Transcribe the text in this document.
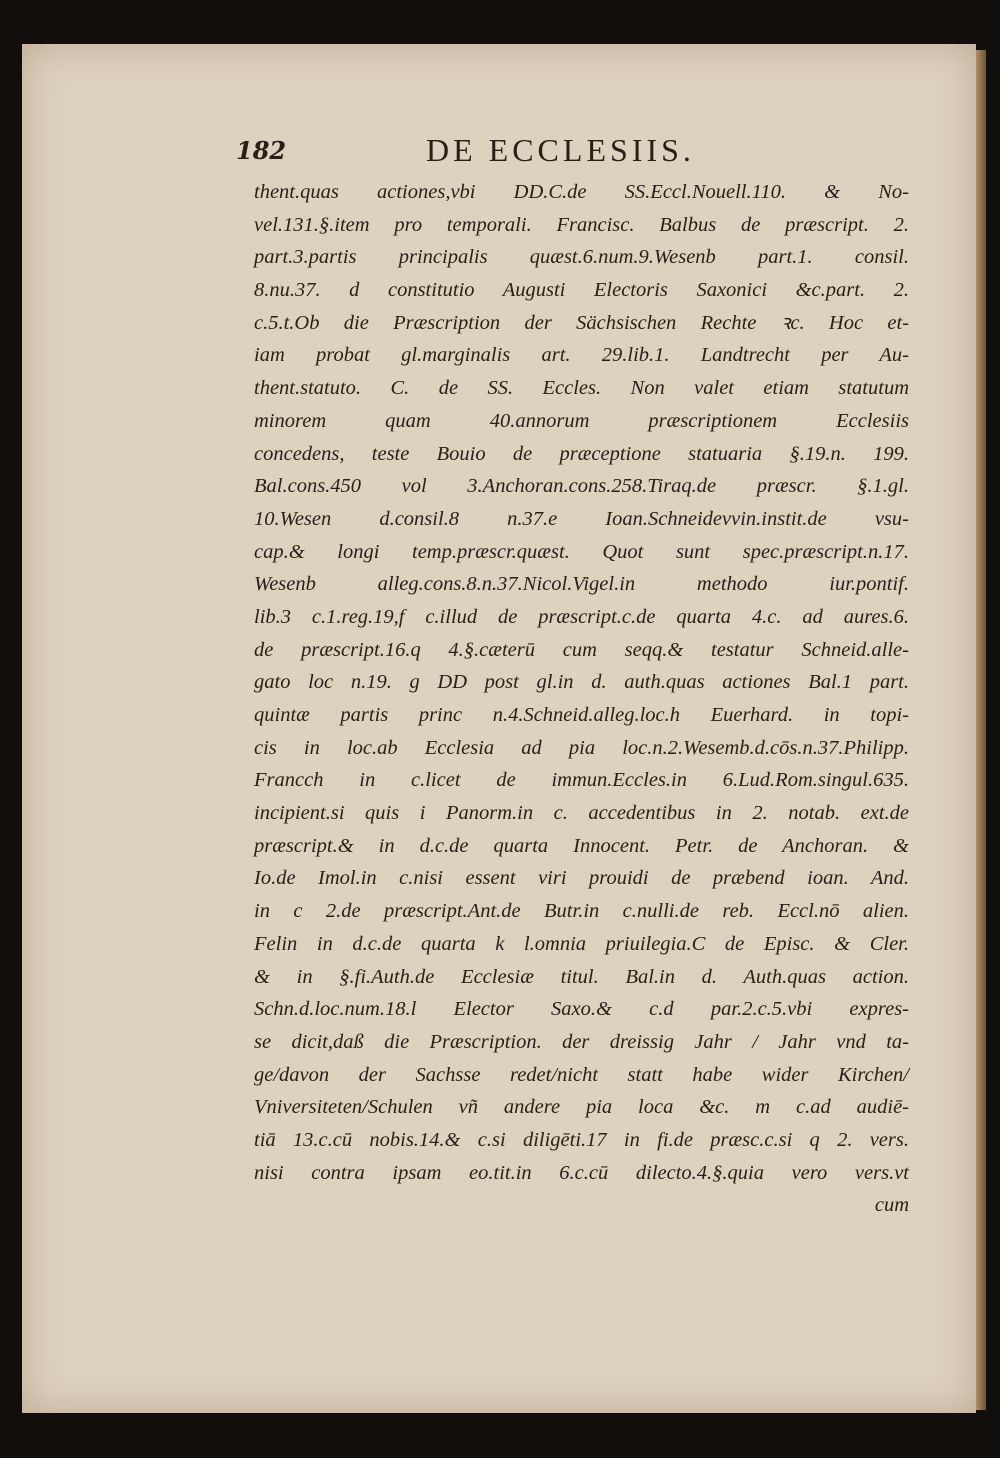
182	DE ECCLESIIS.
thent.quas actiones,vbi DD.C.de SS.Eccl.Nouell.110. & No-
vel.131.§.item pro temporali. Francisc. Balbus de præscript. 2.
part.3.partis principalis quæst.6.num.9.Wesenb part.1. consil.
8.nu.37. d constitutio Augusti Electoris Saxonici &c.part. 2.
c.5.t.Ob die Præscription der Sächsischen Rechte ꝛc. Hoc et-
iam probat gl.marginalis art. 29.lib.1. Landtrecht per Au-
thent.statuto. C. de SS. Eccles. Non valet etiam statutum
minorem quam 40.annorum præscriptionem Ecclesiis
concedens, teste Bouio de præceptione statuaria §.19.n. 199.
Bal.cons.450 vol 3.Anchoran.cons.258.Tiraq.de præscr. §.1.gl.
10.Wesen d.consil.8 n.37.e Ioan.Schneidevvin.instit.de vsu-
cap.& longi temp.præscr.quæst. Quot sunt spec.præscript.n.17.
Wesenb alleg.cons.8.n.37.Nicol.Vigel.in methodo iur.pontif.
lib.3 c.1.reg.19,f c.illud de præscript.c.de quarta 4.c. ad aures.6.
de præscript.16.q 4.§.cæterū cum seqq.& testatur Schneid.alle-
gato loc n.19. g DD post gl.in d. auth.quas actiones Bal.1 part.
quintæ partis princ n.4.Schneid.alleg.loc.h Euerhard. in topi-
cis in loc.ab Ecclesia ad pia loc.n.2.Wesemb.d.cōs.n.37.Philipp.
Francch in c.licet de immun.Eccles.in 6.Lud.Rom.singul.635.
incipient.si quis i Panorm.in c. accedentibus in 2. notab. ext.de
præscript.& in d.c.de quarta Innocent. Petr. de Anchoran. &
Io.de Imol.in c.nisi essent viri prouidi de præbend ioan. And.
in c 2.de præscript.Ant.de Butr.in c.nulli.de reb. Eccl.nō alien.
Felin in d.c.de quarta k l.omnia priuilegia.C de Episc. & Cler.
& in §.fi.Auth.de Ecclesiæ titul. Bal.in d. Auth.quas action.
Schn.d.loc.num.18.l Elector Saxo.& c.d par.2.c.5.vbi expres-
se dicit,daß die Præscription. der dreissig Jahr / Jahr vnd ta-
ge/davon der Sachsse redet/nicht statt habe wider Kirchen/
Vniversiteten/Schulen vñ andere pia loca &c. m c.ad audiē-
tiā 13.c.cū nobis.14.& c.si diligēti.17 in fi.de præsc.c.si q 2. vers.
nisi contra ipsam eo.tit.in 6.c.cū dilecto.4.§.quia vero vers.vt
cum
